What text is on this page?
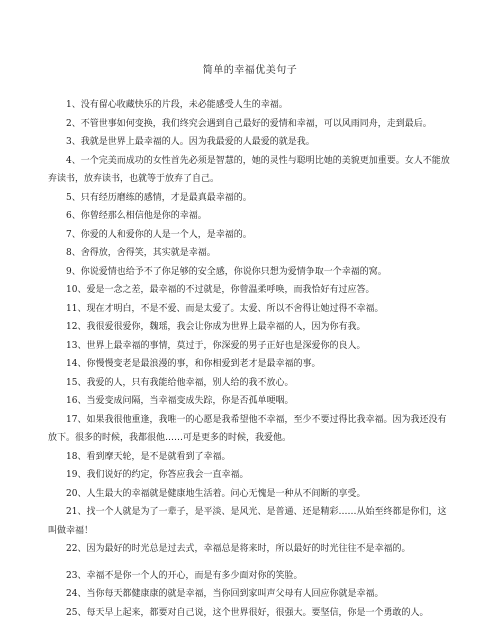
简单的幸福优美句子

1、没有留心收藏快乐的片段，未必能感受人生的幸福。

2、不管世事如何变换，我们终究会遇到自己最好的爱情和幸福，可以风雨同舟，走到最后。

3、我就是世界上最幸福的人。因为我最爱的人最爱的就是我。

4、一个完美而成功的女性首先必须是智慧的，她的灵性与聪明比她的美貌更加重要。女人不能放弃读书，放弃读书，也就等于放弃了自己。

5、只有经历磨练的感情，才是最真最幸福的。

6、你曾经那么相信他是你的幸福。

7、你爱的人和爱你的人是一个人，是幸福的。

8、舍得放，舍得笑，其实就是幸福。

9、你说爱情也给予不了你足够的安全感，你说你只想为爱情争取一个幸福的窝。

10、爱是一念之差，最幸福的不过就是，你曾温柔呼唤，而我恰好有过应答。

11、现在才明白，不是不爱、而是太爱了。太爱、所以不舍得让她过得不幸福。

12、我很爱很爱你，魏瑶，我会让你成为世界上最幸福的人，因为你有我。

13、世界上最幸福的事情，莫过于，你深爱的男子正好也是深爱你的良人。

14、你慢慢变老是最浪漫的事，和你相爱到老才是最幸福的事。

15、我爱的人，只有我能给他幸福，别人给的我不放心。

16、当爱变成问隔，当幸福变成失踪，你是否孤单哽咽。

17、如果我很他重逢，我唯一的心愿是我希望他不幸福，至少不要过得比我幸福。因为我还没有放下。很多的时候，我都很他……可是更多的时候，我爱他。

18、看到摩天轮，是不是就看到了幸福。

19、我们说好的约定，你答应我会一直幸福。

20、人生最大的幸福就是健康地生活着。问心无愧是一种从不间断的享受。

21、找一个人就是为了一辈子，是平淡、是风光、是普通、还是精彩……从始至终都是你们，这叫做幸福！

22、因为最好的时光总是过去式，幸福总是将来时，所以最好的时光往往不是幸福的。

23、幸福不是你一个人的开心，而是有多少面对你的笑脸。

24、当你每天都健康康的就是幸福，当你回到家叫声父母有人回应你就是幸福。

25、每天早上起来，都要对自己说，这个世界很好，很强大。要坚信，你是一个勇敢的人。
